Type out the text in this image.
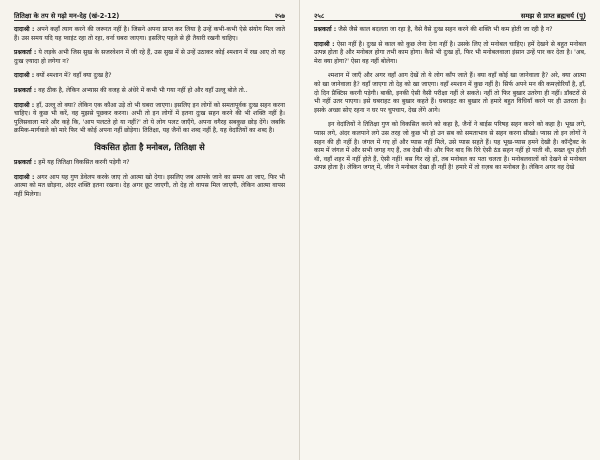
तितिक्षा के तप से गढ़ो मन-देह (खं-2-12)	२५७
दादाश्री : अपने कहाँ त्याग करने की जरूरत नहीं है। जिसने अपना प्राप्त कर लिया है उन्हें कभी-कभी ऐसे संयोग मिल जाते हैं। उस समय यदि यह प्वाइंट रहा तो रहा, वर्ना घबरा जाएगा। इसलिए पहले से ही तैयारी रखनी चाहिए।
प्रश्नकर्ता : ये लड़के अभी जिस सुख के सजरवेशन में जी रहे हैं, उस सुख में से उन्हें उठाकर कोई श्मशान में रख आए तो यह दुःख ज़्यादा हो लगेगा न?
दादाश्री : क्यों श्मशान में? वहाँ क्या दुःख है?
प्रश्नकर्ता : वह ठीक है, लेकिन अभ्यास की वजह से अंधेरे में कभी भी गया नहीं हो और वहाँ उल्लू बोले तो..
दादाश्री : हाँ, उल्लू तो क्या? लेकिन एक कौआ उड़े तो भी घबरा जाएगा। इसलिए इन लोगों को समतापूर्वक दुःख सहन करना चाहिए। ये कुछ भी करें, वह मुझसे पूछकर करना। अभी तो इन लोगों में इतना दुःख सहन करने की भी शक्ति नहीं है। पुलिसवाला मारे और कहे कि, 'आप पलटते हो या नहीं?' तो ये लोग पलट जाएँगे, अपना वगैरह सबकुछ छोड़ देंगे। जबकि क्रमिक-मार्गवाले को मारे फिर भी कोई अपना नहीं छोड़ेगा। तितिक्षा, यह जैनों का शब्द नहीं है, यह वेदांतियों का शब्द है।
विकसित होता है मनोबल, तितिक्षा से
प्रश्नकर्ता : हमें यह तितिक्षा विकसित करनी पड़ेगी न?
दादाश्री : अगर आप यह गुण डेवेलप करके जाए तो आत्मा खो देगा। इसलिए जब आपके जाने का समय आ जाए, फिर भी आत्मा को मत छोड़ना, अंदर शक्ति इतना रखना। देह अगर छूट जाएगी, तो देह तो वापस मिल जाएगी, लेकिन आत्मा वापस नहीं मिलेगा।
२५८	समझ से प्राप्त ब्रह्मचर्य (पू)
प्रश्नकर्ता : जैसे जैसे काल बदलता जा रहा है, वैसे वैसे दुःख सहन करने की शक्ति भी कम होती जा रही है न?
दादाश्री : ऐसा नहीं है। दुःख से काल को कुछ लेना देना नहीं है। उसके लिए तो मनोबल चाहिए। हमें देखने से बहुत मनोबल उत्पन्न होता है और मनोबल होगा तभी काम होगा। कैसे भी दुःख हों, फिर भी मनोबलवाला इंसान उन्हें पार कर देता है। 'अब, मेरा क्या होगा?' ऐसा वह नहीं बोलेगा।
श्मशान में जाएँ और अगर वहाँ आग देखें तो ये लोग काँप जाते हैं। क्या वहाँ कोई खा जानेवाला है? अरे, क्या आत्मा को खा जानेवाला है? वहाँ जाएगा तो देह को खा जाएगा। वहाँ श्मशान में कुछ नहीं है। सिर्फ अपने मन की कमज़ोरियाँ है, हाँ, दो दिन प्रैक्टिस करनी पड़ेगी। बाकी, इनकी ऐसी वैसी परीक्षा नहीं ले सकते। नहीं तो फिर बुखार उतरेगा ही नहीं। डॉक्टरों से भी नहीं उतर पाएगा। इसे घबराहट का बुखार कहते हैं। घबराहट का बुखार तो हमारे बहुत विधियाँ करने पर ही उतरता है। इसके अच्छा सोए रहना न घर पर चुपचाप, देख लेंगे आगे।
इन वेदांतियों ने तितिक्षा गुण को विकसित करने को कहा है, जैनों ने बाईस परिषह सहन करने को कहा है। भूख लगे, प्यास लगे, अंदर कलपाने लगे उस तरह जो कुछ भी हो उन सब को समताभाव से सहन करना सीखो। प्यास तो इन लोगों ने सहन की ही नहीं है। जंगल में गए हों और प्यास नहीं मिले, उसे प्यास सहते हैं। यह भूख-प्यास हमने देखी है। कॉन्ट्रैक्ट के काम में जंगल में और सभी जगह गए हैं, तब देखी थी। और फिर बाद कि रिरे ऐसी ठंड सहन नहीं हो पाती थी, सख्त धूप होती थी, वहाँ शहर में नहीं होते हैं, ऐसी नहीं! बस गिर रहे हों, तब मनोबल का पता चलता है। मनोबलवालों को देखने से मनोबल उत्पन्न होता है। लेकिन जगत् में, जीव ने मनोबल देखा ही नहीं है! हमारे में तो ग़ज़ब का मनोबल है। लेकिन अगर वह देखे
